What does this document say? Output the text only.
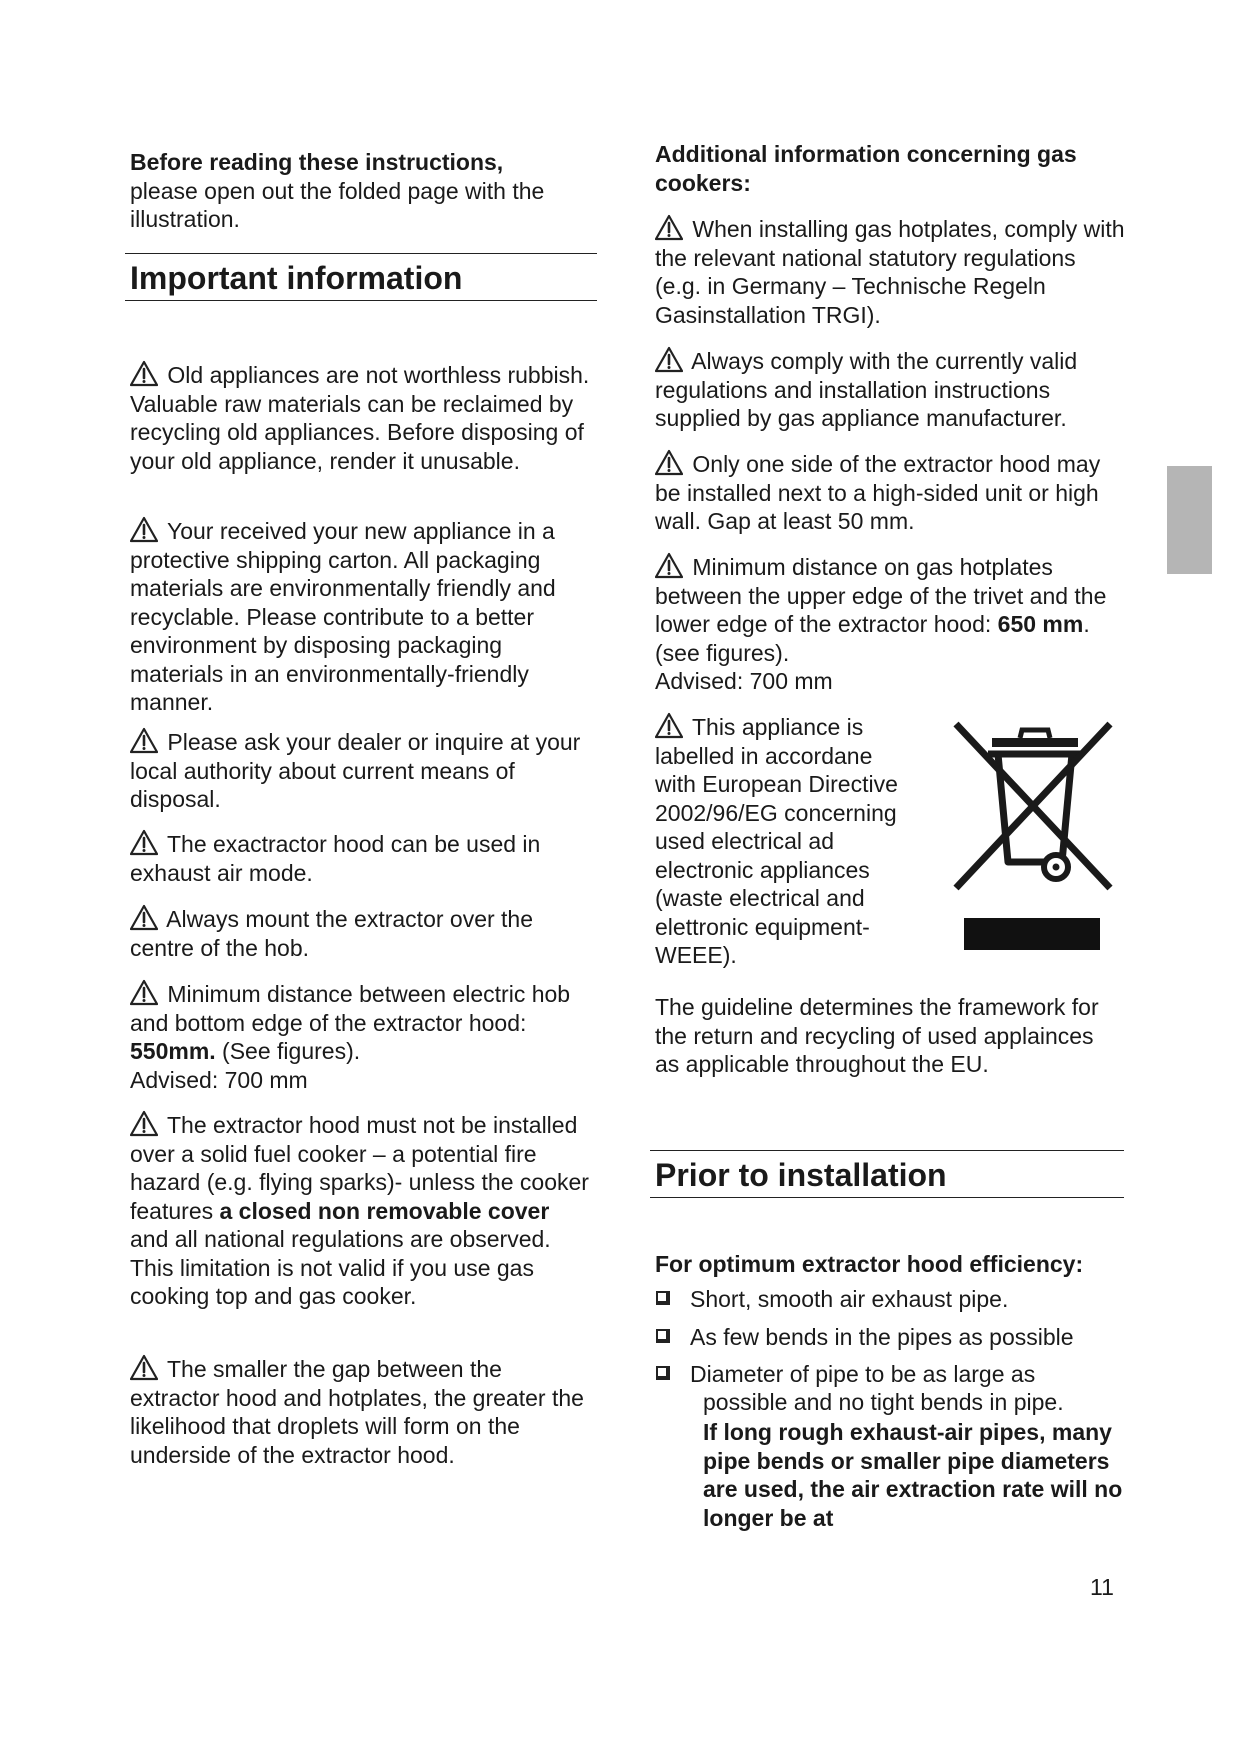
Before reading these instructions,

please open out the folded page with the illustration.

Important information

Old appliances are not worthless rubbish. Valuable raw materials can be reclaimed by recycling old appliances. Before disposing of your old appliance, render it unusable.

Your received your new appliance in a protective shipping carton. All packaging materials are environmentally friendly and recyclable. Please contribute to a better environment by disposing packaging materials in an environmentally-friendly manner.

Please ask your dealer or inquire at your local authority about current means of disposal.

The exactractor hood can be used in exhaust air mode.

Always mount the extractor over the centre of the hob.

Minimum distance between electric hob and bottom edge of the extractor hood: 550mm. (See figures).

Advised: 700 mm

The extractor hood must not be installed over a solid fuel cooker – a potential fire hazard (e.g. flying sparks)- unless the cooker features a closed non removable cover and all national regulations are observed.

This limitation is not valid if you use gas cooking top and gas cooker.

The smaller the gap between the extractor hood and hotplates, the greater the likelihood that droplets will form on the underside of the extractor hood.

Additional information concerning gas cookers:

When installing gas hotplates, comply with the relevant national statutory regulations (e.g. in Germany – Technische Regeln Gasinstallation TRGI).

Always comply with the currently valid regulations and installation instructions supplied by gas appliance manufacturer.

Only one side of the extractor hood may be installed next to a high-sided unit or high wall. Gap at least 50 mm.

Minimum distance on gas hotplates between the upper edge of the trivet and the lower edge of the extractor hood: 650 mm. (see figures).

Advised: 700 mm

This appliance is

labelled in accordane

with European Directive

2002/96/EG concerning

used electrical ad

electronic appliances

(waste electrical and

elettronic equipment-

WEEE).

The guideline determines the framework for the return and recycling of used applainces as applicable throughout the EU.

Prior to installation

For optimum extractor hood efficiency:

Short, smooth air exhaust pipe.
As few bends in the pipes as possible
Diameter of pipe to be as large as

possible and no tight bends in pipe.

If long rough exhaust-air pipes, many pipe bends or smaller pipe diameters are used, the air extraction rate will no longer be at

11
